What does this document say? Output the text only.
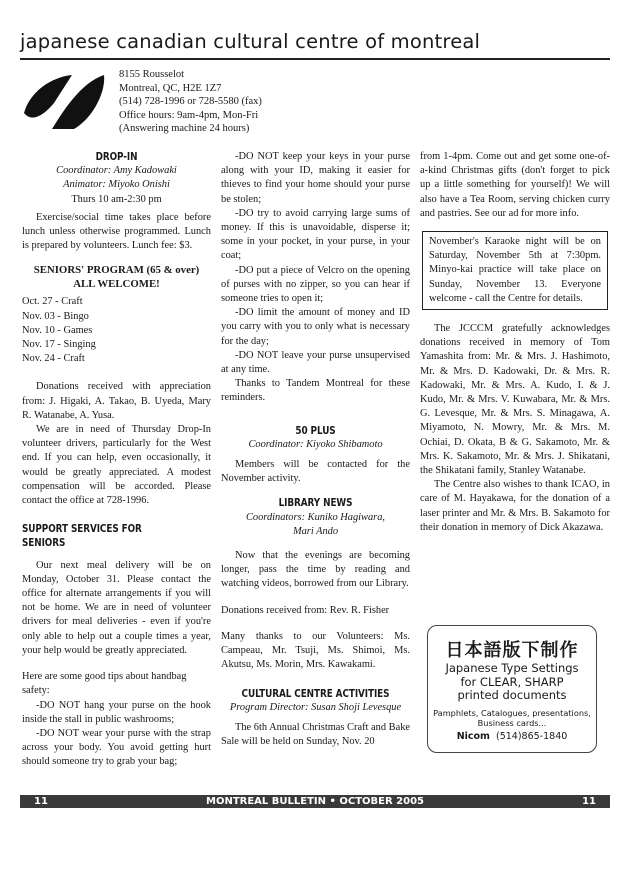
japanese canadian cultural centre of montreal
8155 Rousselot
Montreal, QC, H2E 1Z7
(514) 728-1996 or 728-5580 (fax)
Office hours: 9am-4pm, Mon-Fri
(Answering machine 24 hours)
DROP-IN

Coordinator: Amy Kadowaki

Animator: Miyoko Onishi

Thurs 10 am-2:30 pm

Exercise/social time takes place before lunch unless otherwise programmed. Lunch is prepared by volunteers. Lunch fee: $3.

SENIORS' PROGRAM (65 & over)

ALL WELCOME!

Oct. 27 - Craft

Nov. 03 - Bingo

Nov. 10 - Games

Nov. 17 - Singing

Nov. 24 - Craft

Donations received with appreciation from: J. Higaki, A. Takao, B. Uyeda, Mary R. Watanabe, A. Yusa.

We are in need of Thursday Drop-In volunteer drivers, particularly for the West end. If you can help, even occasionally, it would be greatly appreciated. A modest compensation will be accorded. Please contact the office at 728-1996.

SUPPORT SERVICES FOR SENIORS

Our next meal delivery will be on Monday, October 31. Please contact the office for alternate arrangements if you will not be home. We are in need of volunteer drivers for meal deliveries - even if you're only able to help out a couple times a year, your help would be greatly appreciated.

Here are some good tips about handbag safety:

-DO NOT hang your purse on the hook inside the stall in public washrooms;

-DO NOT wear your purse with the strap across your body. You avoid getting hurt should someone try to grab your bag;

-DO NOT keep your keys in your purse along with your ID, making it easier for thieves to find your home should your purse be stolen;

-DO try to avoid carrying large sums of money. If this is unavoidable, disperse it; some in your pocket, in your purse, in your coat;

-DO put a piece of Velcro on the opening of purses with no zipper, so you can hear if someone tries to open it;

-DO limit the amount of money and ID you carry with you to only what is necessary for the day;

-DO NOT leave your purse unsupervised at any time.

Thanks to Tandem Montreal for these reminders.

50 PLUS

Coordinator: Kiyoko Shibamoto

Members will be contacted for the November activity.

LIBRARY NEWS

Coordinators: Kuniko Hagiwara,

Mari Ando

Now that the evenings are becoming longer, pass the time by reading and watching videos, borrowed from our Library.

Donations received from: Rev. R. Fisher

Many thanks to our Volunteers: Ms. Campeau, Mr. Tsuji, Ms. Shimoi, Ms. Akutsu, Ms. Morin, Mrs. Kawakami.

CULTURAL CENTRE ACTIVITIES

Program Director: Susan Shoji Levesque

The 6th Annual Christmas Craft and Bake Sale will be held on Sunday, Nov. 20

from 1-4pm. Come out and get some one-of-a-kind Christmas gifts (don't forget to pick up a little something for yourself)! We will also have a Tea Room, serving chicken curry and pastries. See our ad for more info.

November's Karaoke night will be on Saturday, November 5th at 7:30pm. Minyo-kai practice will take place on Sunday, November 13. Everyone welcome - call the Centre for details.

The JCCCM gratefully acknowledges donations received in memory of Tom Yamashita from: Mr. & Mrs. J. Hashimoto, Mr. & Mrs. D. Kadowaki, Dr. & Mrs. R. Kadowaki, Mr. & Mrs. A. Kudo, I. & J. Kudo, Mr. & Mrs. V. Kuwabara, Mr. & Mrs. G. Levesque, Mr. & Mrs. S. Minagawa, A. Miyamoto, N. Mowry, Mr. & Mrs. M. Ochiai, D. Okata, B & G. Sakamoto, Mr. & Mrs. K. Sakamoto, Mr. & Mrs. J. Shikatani, the Shikatani family, Stanley Watanabe.

The Centre also wishes to thank ICAO, in care of M. Hayakawa, for the donation of a laser printer and Mr. & Mrs. B. Sakamoto for their donation in memory of Dick Akazawa.

日本語版下制作
Japanese Type Settings
for CLEAR, SHARP
printed documents
Pamphlets, Catalogues, presentations,
Business cards...
Nicom (514)865-1840
11	MONTREAL BULLETIN • OCTOBER 2005	11
